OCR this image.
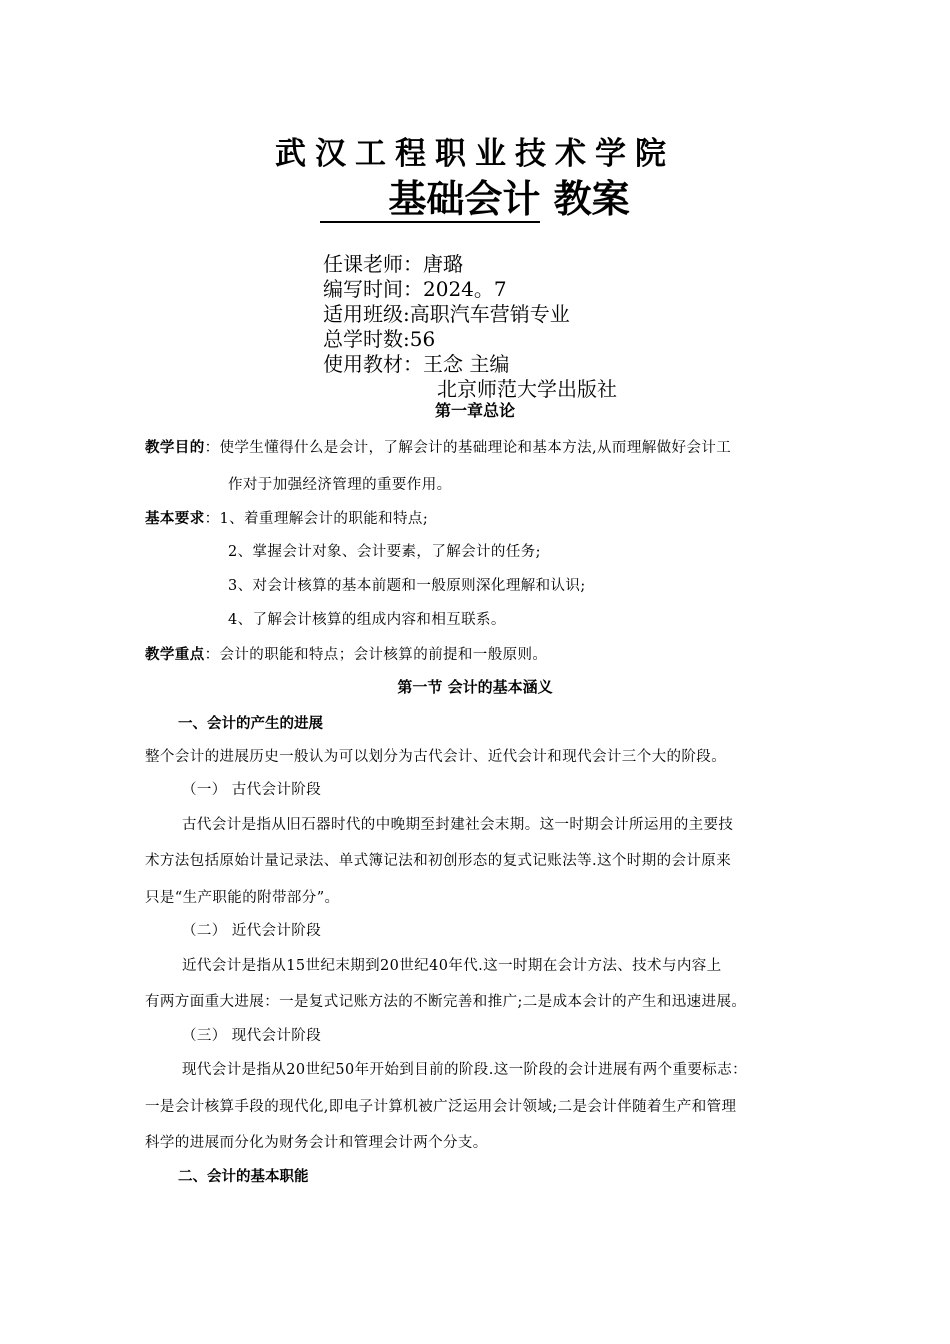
武汉工程职业技术学院
基础会计 教案
任课老师：唐璐
编写时间：2024。7
适用班级:高职汽车营销专业
总学时数:56
使用教材：王念 主编
北京师范大学出版社
第一章总论
教学目的：使学生懂得什么是会计，了解会计的基础理论和基本方法,从而理解做好会计工
作对于加强经济管理的重要作用。
基本要求：1、着重理解会计的职能和特点;
2、掌握会计对象、会计要素，了解会计的任务;
3、对会计核算的基本前题和一般原则深化理解和认识;
4、了解会计核算的组成内容和相互联系。
教学重点：会计的职能和特点；会计核算的前提和一般原则。
第一节 会计的基本涵义
一、会计的产生的进展
整个会计的进展历史一般认为可以划分为古代会计、近代会计和现代会计三个大的阶段。
（一） 古代会计阶段
古代会计是指从旧石器时代的中晚期至封建社会末期。这一时期会计所运用的主要技
术方法包括原始计量记录法、单式簿记法和初创形态的复式记账法等.这个时期的会计原来
只是“生产职能的附带部分”。
（二） 近代会计阶段
近代会计是指从15世纪末期到20世纪40年代.这一时期在会计方法、技术与内容上
有两方面重大进展：一是复式记账方法的不断完善和推广;二是成本会计的产生和迅速进展。
（三） 现代会计阶段
现代会计是指从20世纪50年开始到目前的阶段.这一阶段的会计进展有两个重要标志：
一是会计核算手段的现代化,即电子计算机被广泛运用会计领域;二是会计伴随着生产和管理
科学的进展而分化为财务会计和管理会计两个分支。
二、会计的基本职能
